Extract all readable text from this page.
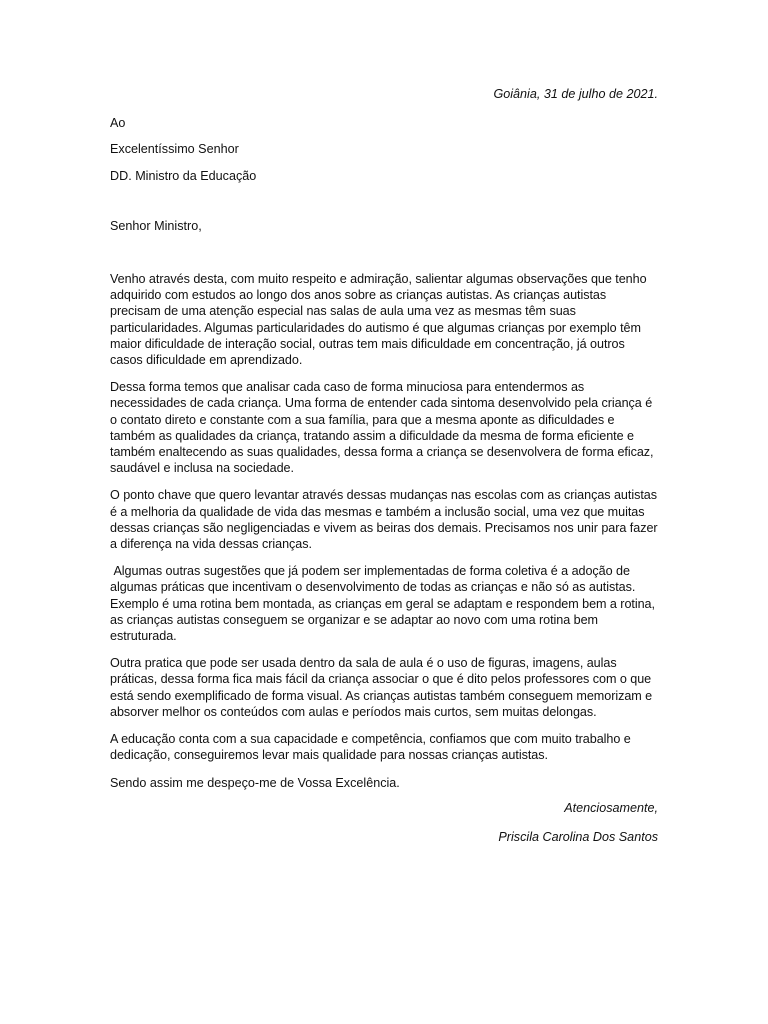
Goiânia, 31 de julho de 2021.

Ao

Excelentíssimo Senhor

DD. Ministro da Educação

Senhor Ministro,

Venho através desta, com muito respeito e admiração, salientar algumas observações que tenho adquirido com estudos ao longo dos anos sobre as crianças autistas. As crianças autistas precisam de uma atenção especial nas salas de aula uma vez as mesmas têm suas particularidades. Algumas particularidades do autismo é que algumas crianças por exemplo têm maior dificuldade de interação social, outras tem mais dificuldade em concentração, já outros casos dificuldade em aprendizado.

Dessa forma temos que analisar cada caso de forma minuciosa para entendermos as necessidades de cada criança. Uma forma de entender cada sintoma desenvolvido pela criança é o contato direto e constante com a sua família, para que a mesma aponte as dificuldades e também as qualidades da criança, tratando assim a dificuldade da mesma de forma eficiente e também enaltecendo as suas qualidades, dessa forma a criança se desenvolvera de forma eficaz, saudável e inclusa na sociedade.

O ponto chave que quero levantar através dessas mudanças nas escolas com as crianças autistas é a melhoria da qualidade de vida das mesmas e também a inclusão social, uma vez que muitas dessas crianças são negligenciadas e vivem as beiras dos demais. Precisamos nos unir para fazer a diferença na vida dessas crianças.

Algumas outras sugestões que já podem ser implementadas de forma coletiva é a adoção de algumas práticas que incentivam o desenvolvimento de todas as crianças e não só as autistas. Exemplo é uma rotina bem montada, as crianças em geral se adaptam e respondem bem a rotina, as crianças autistas conseguem se organizar e se adaptar ao novo com uma rotina bem estruturada.

Outra pratica que pode ser usada dentro da sala de aula é o uso de figuras, imagens, aulas práticas, dessa forma fica mais fácil da criança associar o que é dito pelos professores com o que está sendo exemplificado de forma visual. As crianças autistas também conseguem memorizam e absorver melhor os conteúdos com aulas e períodos mais curtos, sem muitas delongas.

A educação conta com a sua capacidade e competência, confiamos que com muito trabalho e dedicação, conseguiremos levar mais qualidade para nossas crianças autistas.

Sendo assim me despeço-me de Vossa Excelência.

Atenciosamente,

Priscila Carolina Dos Santos
